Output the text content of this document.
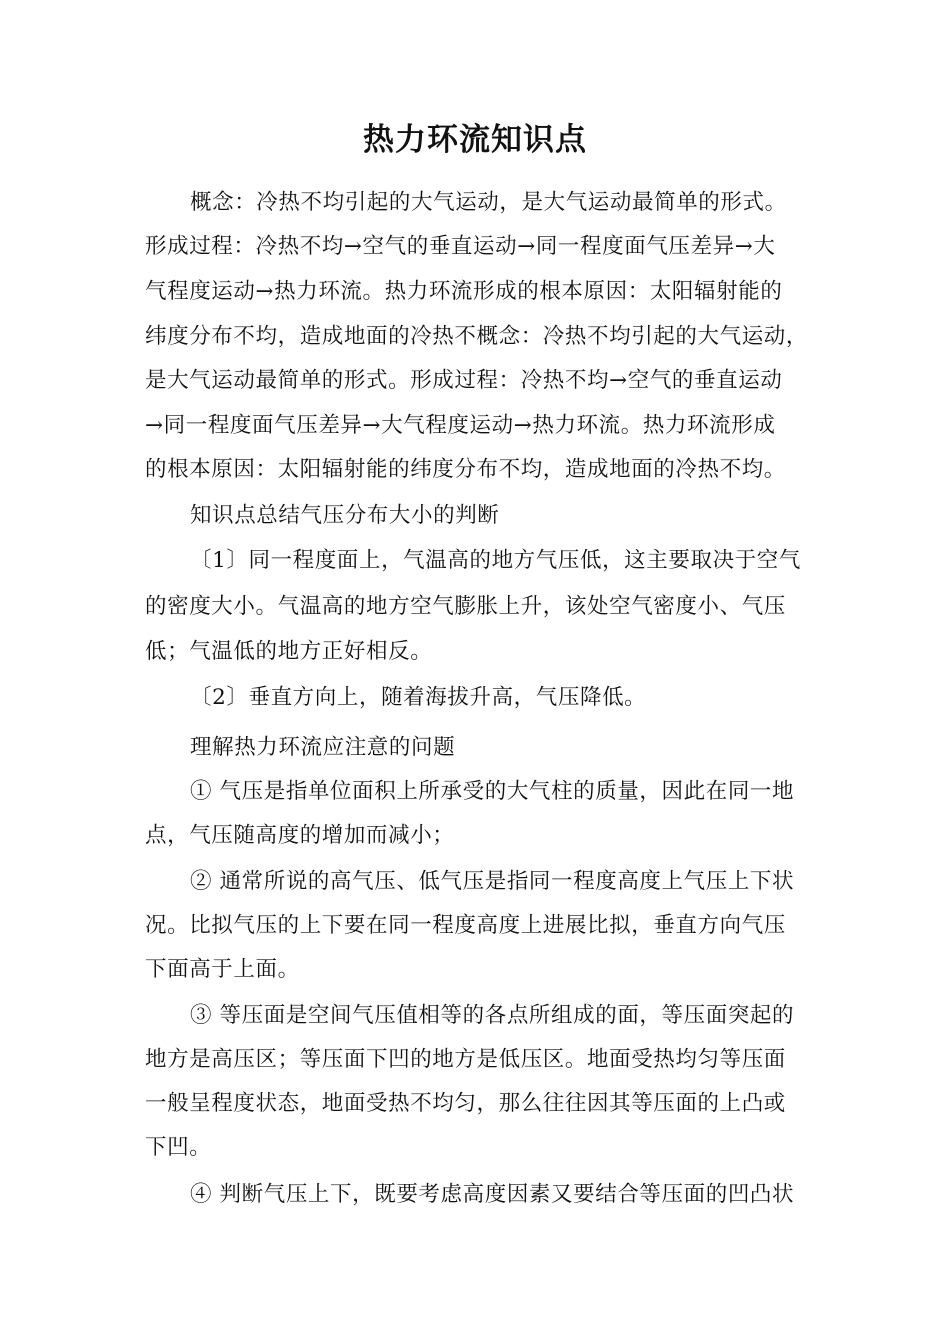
热力环流知识点
概念：冷热不均引起的大气运动，是大气运动最简单的形式。
形成过程：冷热不均→空气的垂直运动→同一程度面气压差异→大
气程度运动→热力环流。热力环流形成的根本原因：太阳辐射能的
纬度分布不均，造成地面的冷热不概念：冷热不均引起的大气运动，
是大气运动最简单的形式。形成过程：冷热不均→空气的垂直运动
→同一程度面气压差异→大气程度运动→热力环流。热力环流形成
的根本原因：太阳辐射能的纬度分布不均，造成地面的冷热不均。
知识点总结气压分布大小的判断
〔1〕同一程度面上，气温高的地方气压低，这主要取决于空气
的密度大小。气温高的地方空气膨胀上升，该处空气密度小、气压
低；气温低的地方正好相反。
〔2〕垂直方向上，随着海拔升高，气压降低。
理解热力环流应注意的问题
① 气压是指单位面积上所承受的大气柱的质量，因此在同一地
点，气压随高度的增加而减小；
② 通常所说的高气压、低气压是指同一程度高度上气压上下状
况。比拟气压的上下要在同一程度高度上进展比拟，垂直方向气压
下面高于上面。
③ 等压面是空间气压值相等的各点所组成的面，等压面突起的
地方是高压区；等压面下凹的地方是低压区。地面受热均匀等压面
一般呈程度状态，地面受热不均匀，那么往往因其等压面的上凸或
下凹。
④ 判断气压上下，既要考虑高度因素又要结合等压面的凹凸状
